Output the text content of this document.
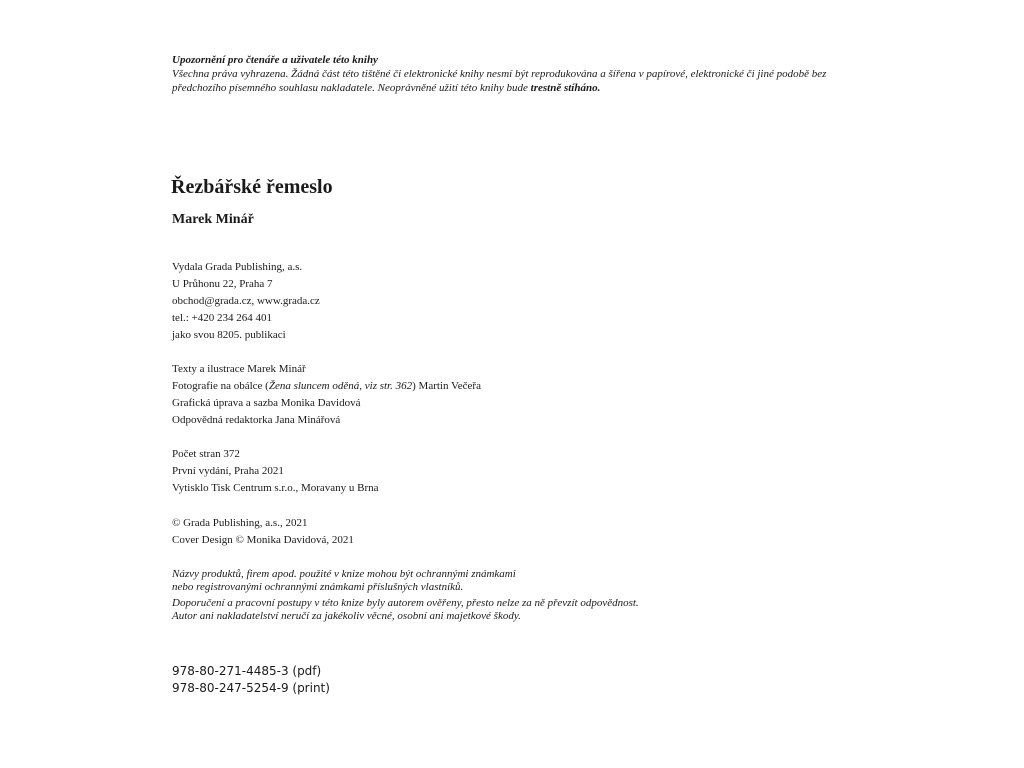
Upozornění pro čtenáře a uživatele této knihy
Všechna práva vyhrazena. Žádná část této tištěné či elektronické knihy nesmí být reprodukována a šířena v papírové, elektronické či jiné podobě bez předchozího písemného souhlasu nakladatele. Neoprávněné užití této knihy bude trestně stíháno.
Řezbářské řemeslo
Marek Minář
Vydala Grada Publishing, a.s.
U Průhonu 22, Praha 7
obchod@grada.cz, www.grada.cz
tel.: +420 234 264 401
jako svou 8205. publikaci
Texty a ilustrace Marek Minář
Fotografie na obálce (Žena sluncem oděná, viz str. 362) Martin Večeřa
Grafická úprava a sazba Monika Davidová
Odpovědná redaktorka Jana Minářová
Počet stran 372
První vydání, Praha 2021
Vytisklo Tisk Centrum s.r.o., Moravany u Brna
© Grada Publishing, a.s., 2021
Cover Design © Monika Davidová, 2021

Názvy produktů, firem apod. použité v knize mohou být ochrannými známkami
nebo registrovanými ochrannými známkami příslušných vlastníků.

Doporučení a pracovní postupy v této knize byly autorem ověřeny, přesto nelze za ně převzít odpovědnost.
Autor ani nakladatelství neručí za jakékoliv věcné, osobní ani majetkové škody.

978-80-271-4485-3 (pdf)
978-80-247-5254-9 (print)
